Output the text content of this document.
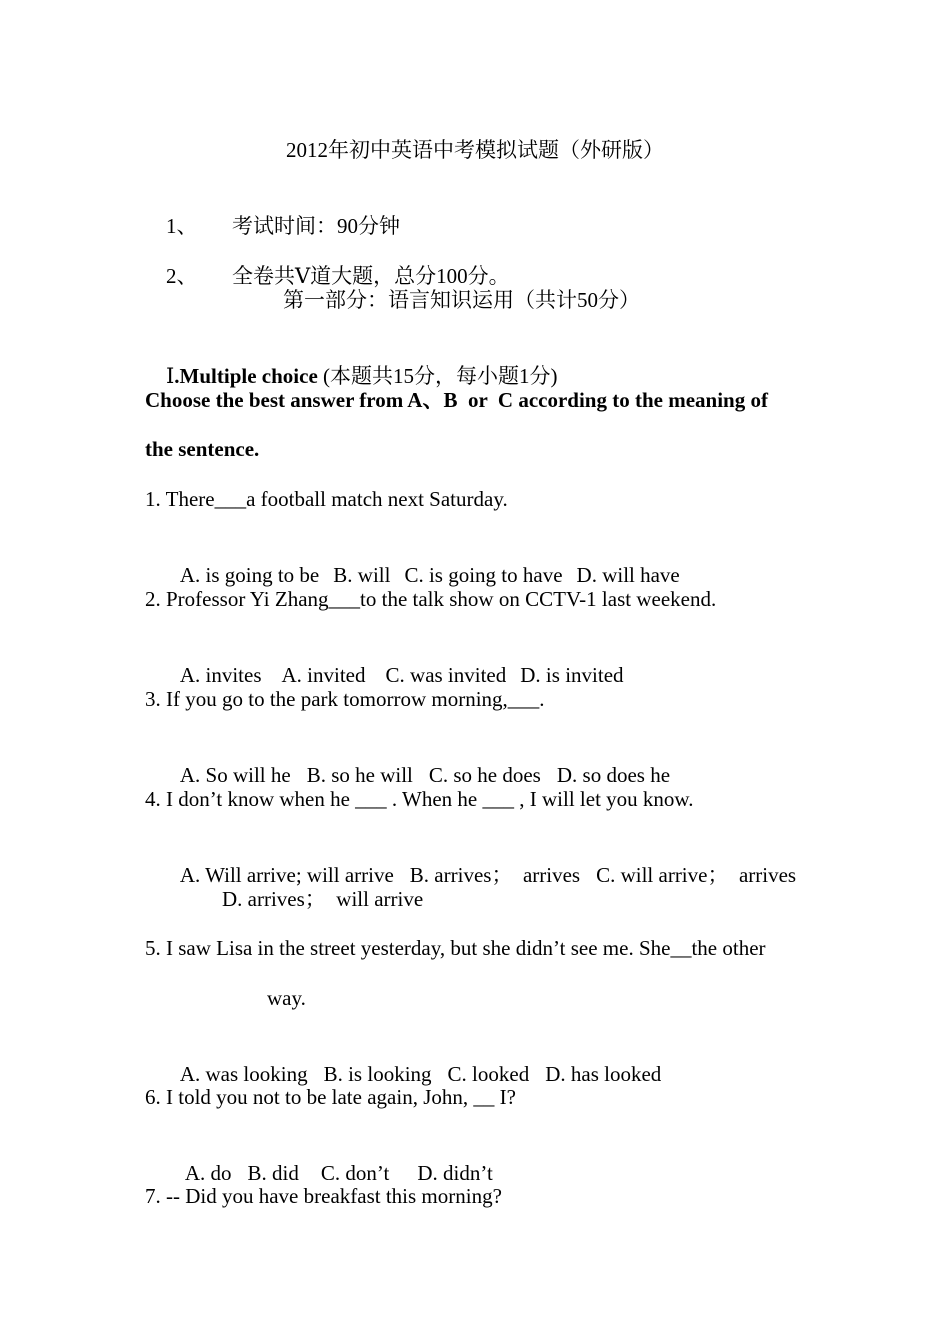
2012年初中英语中考模拟试题（外研版）

1、 考试时间：90分钟

2、 全卷共Ⅴ道大题，总分100分。

第一部分：语言知识运用（共计50分）

Ⅰ.Multiple choice (本题共15分，每小题1分)

Choose the best answer from A、B  or  C according to the meaning of
the sentence.
1. There___a football match next Saturday.

A. is going to be B. will C. is going to have D. will have

2. Professor Yi Zhang___to the talk show on CCTV-1 last weekend.

A. invites A. invited C. was invited D. is invited

3. If you go to the park tomorrow morning,___.

A. So will he B. so he will C. so he does D. so does he

4. I don’t know when he ___ . When he ___ , I will let you know.

A. Will arrive; will arrive B. arrives；  arrives C. will arrive；  arrives

D. arrives；  will arrive
5. I saw Lisa in the street yesterday, but she didn’t see me. She__the other
way.

A. was looking B. is looking C. looked D. has looked

6. I told you not to be late again, John, __ I?

A. do B. did C. don’t D. didn’t

7. -- Did you have breakfast this morning?
